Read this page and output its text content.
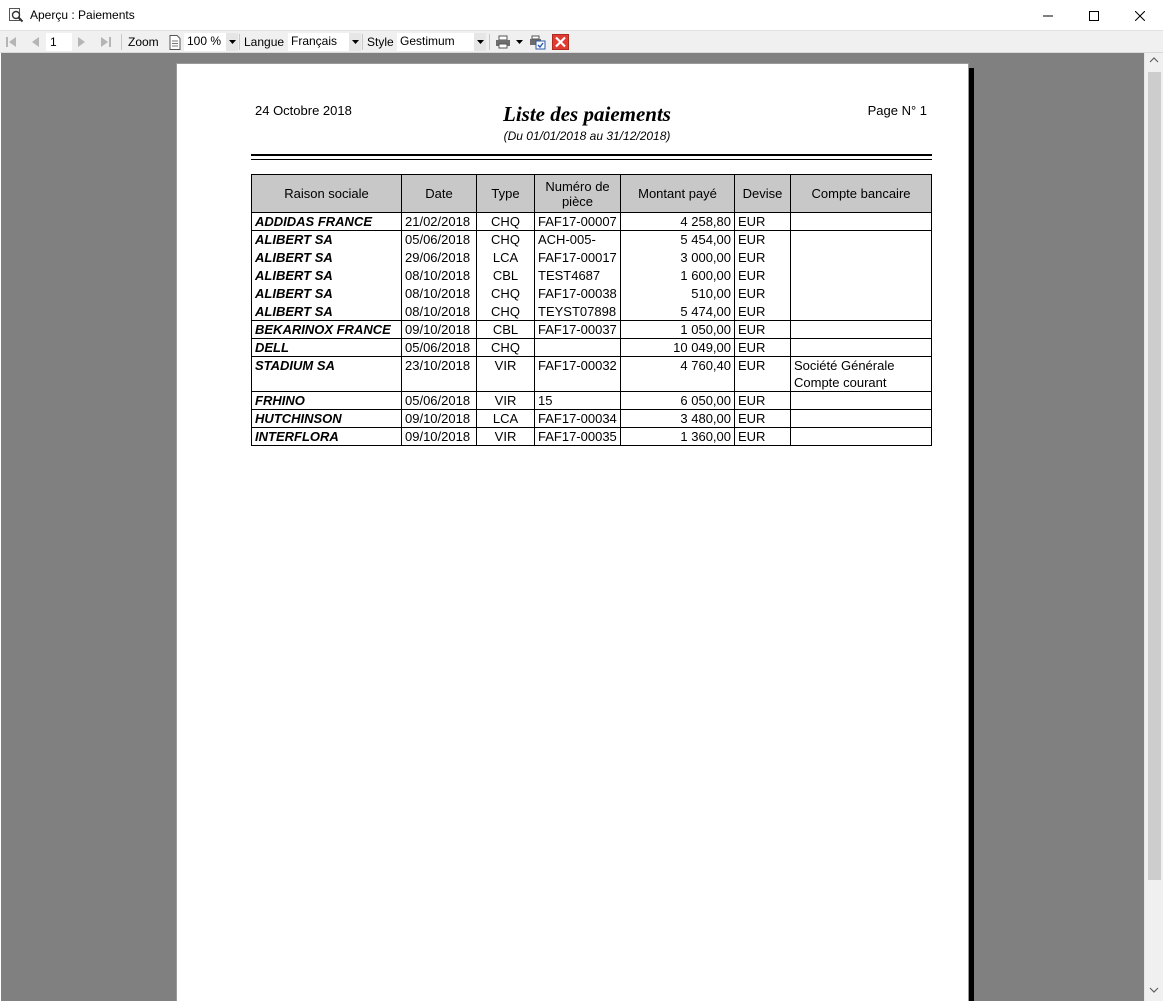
Aperçu : Paiements
1	Zoom 100 %	Langue Français	Style Gestimum
24 Octobre 2018	Liste des paiements
(Du 01/01/2018 au 31/12/2018)
Page N° 1
Raison sociale	Date	Type	Numéro de pièce	Montant payé	Devise	Compte bancaire
ADDIDAS FRANCE	21/02/2018	CHQ	FAF17-00007	4 258,80	EUR	
ALIBERT SA	05/06/2018	CHQ	ACH-005-	5 454,00	EUR	
ALIBERT SA	29/06/2018	LCA	FAF17-00017	3 000,00	EUR	
ALIBERT SA	08/10/2018	CBL	TEST4687	1 600,00	EUR	
ALIBERT SA	08/10/2018	CHQ	FAF17-00038	510,00	EUR	
ALIBERT SA	08/10/2018	CHQ	TEYST07898	5 474,00	EUR	
BEKARINOX FRANCE	09/10/2018	CBL	FAF17-00037	1 050,00	EUR	
DELL	05/06/2018	CHQ		10 049,00	EUR	
STADIUM SA	23/10/2018	VIR	FAF17-00032	4 760,40	EUR	Société Générale
Compte courant

FRHINO	05/06/2018	VIR	15	6 050,00	EUR	
HUTCHINSON	09/10/2018	LCA	FAF17-00034	3 480,00	EUR	
INTERFLORA	09/10/2018	VIR	FAF17-00035	1 360,00	EUR	
